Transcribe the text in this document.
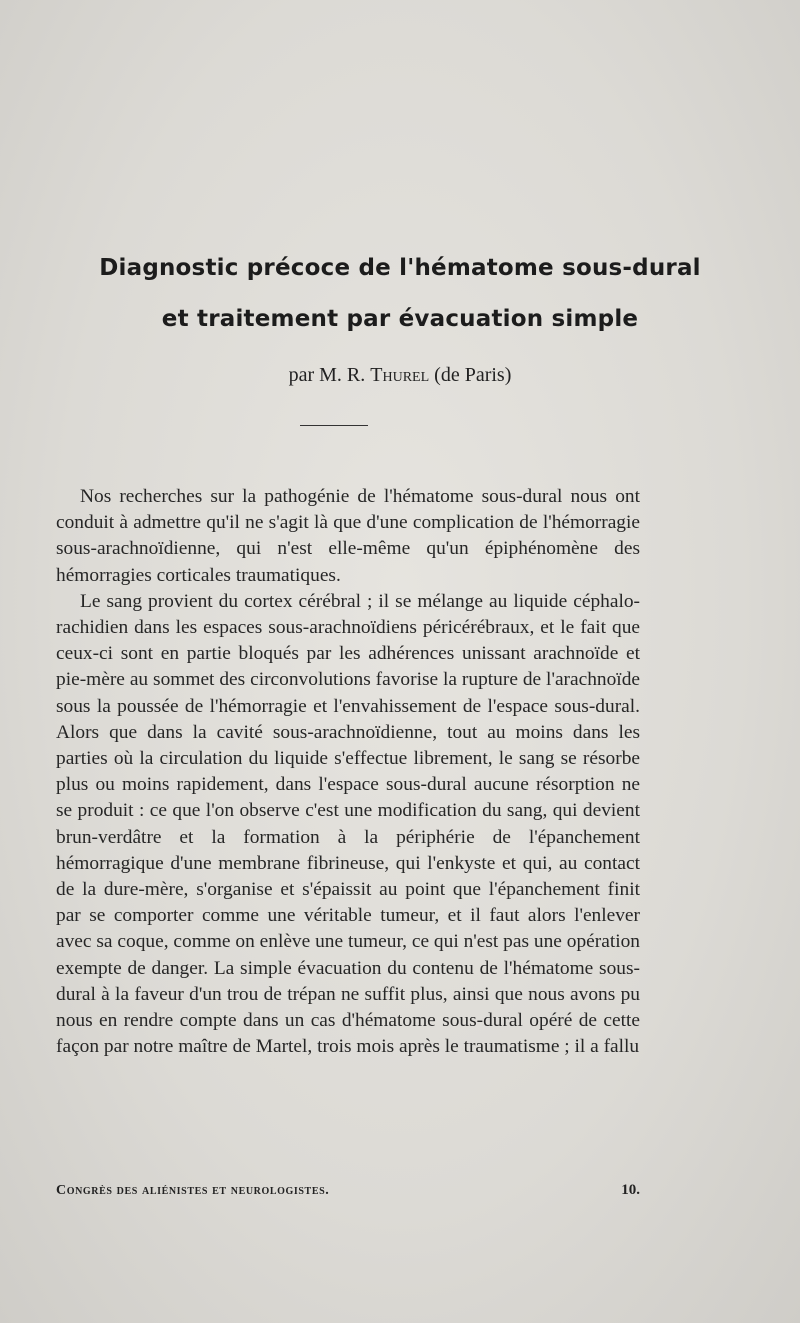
Diagnostic précoce de l'hématome sous-dural
et traitement par évacuation simple
par M. R. Thurel (de Paris)

Nos recherches sur la pathogénie de l'hématome sous-dural nous ont conduit à admettre qu'il ne s'agit là que d'une complication de l'hémorragie sous-arachnoïdienne, qui n'est elle-même qu'un épiphénomène des hémorragies corticales traumatiques.

Le sang provient du cortex cérébral ; il se mélange au liquide céphalo-rachidien dans les espaces sous-arachnoïdiens péricérébraux, et le fait que ceux-ci sont en partie bloqués par les adhérences unissant arachnoïde et pie-mère au sommet des circonvolutions favorise la rupture de l'arachnoïde sous la poussée de l'hémorragie et l'envahissement de l'espace sous-dural. Alors que dans la cavité sous-arachnoïdienne, tout au moins dans les parties où la circulation du liquide s'effectue librement, le sang se résorbe plus ou moins rapidement, dans l'espace sous-dural aucune résorption ne se produit : ce que l'on observe c'est une modification du sang, qui devient brun-verdâtre et la formation à la périphérie de l'épanchement hémorragique d'une membrane fibrineuse, qui l'enkyste et qui, au contact de la dure-mère, s'organise et s'épaissit au point que l'épanchement finit par se comporter comme une véritable tumeur, et il faut alors l'enlever avec sa coque, comme on enlève une tumeur, ce qui n'est pas une opération exempte de danger. La simple évacuation du contenu de l'hématome sous-dural à la faveur d'un trou de trépan ne suffit plus, ainsi que nous avons pu nous en rendre compte dans un cas d'hématome sous-dural opéré de cette façon par notre maître de Martel, trois mois après le traumatisme ; il a fallu

Congrès des aliénistes et neurologistes.	10.
